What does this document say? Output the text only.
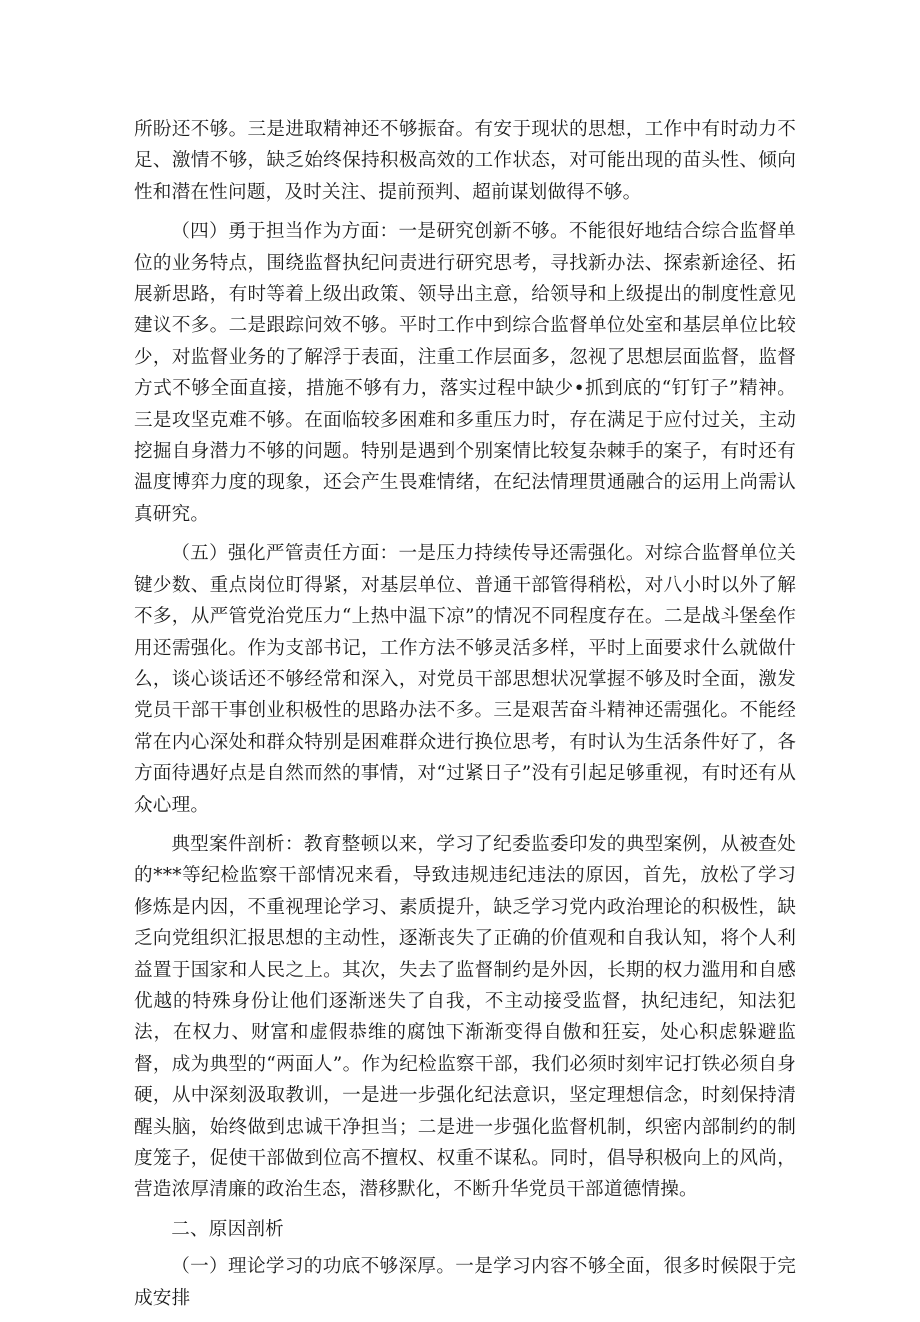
所盼还不够。三是进取精神还不够振奋。有安于现状的思想，工作中有时动力不足、激情不够，缺乏始终保持积极高效的工作状态，对可能出现的苗头性、倾向性和潜在性问题，及时关注、提前预判、超前谋划做得不够。

（四）勇于担当作为方面：一是研究创新不够。不能很好地结合综合监督单位的业务特点，围绕监督执纪问责进行研究思考，寻找新办法、探索新途径、拓展新思路，有时等着上级出政策、领导出主意，给领导和上级提出的制度性意见建议不多。二是跟踪问效不够。平时工作中到综合监督单位处室和基层单位比较少，对监督业务的了解浮于表面，注重工作层面多，忽视了思想层面监督，监督方式不够全面直接，措施不够有力，落实过程中缺少•抓到底的“钉钉子”精神。三是攻坚克难不够。在面临较多困难和多重压力时，存在满足于应付过关，主动挖掘自身潜力不够的问题。特别是遇到个别案情比较复杂棘手的案子，有时还有温度博弈力度的现象，还会产生畏难情绪，在纪法情理贯通融合的运用上尚需认真研究。

（五）强化严管责任方面：一是压力持续传导还需强化。对综合监督单位关键少数、重点岗位盯得紧，对基层单位、普通干部管得稍松，对八小时以外了解不多，从严管党治党压力“上热中温下凉”的情况不同程度存在。二是战斗堡垒作用还需强化。作为支部书记，工作方法不够灵活多样，平时上面要求什么就做什么，谈心谈话还不够经常和深入，对党员干部思想状况掌握不够及时全面，激发党员干部干事创业积极性的思路办法不多。三是艰苦奋斗精神还需强化。不能经常在内心深处和群众特别是困难群众进行换位思考，有时认为生活条件好了，各方面待遇好点是自然而然的事情，对“过紧日子”没有引起足够重视，有时还有从众心理。

典型案件剖析：教育整顿以来，学习了纪委监委印发的典型案例，从被查处的***等纪检监察干部情况来看，导致违规违纪违法的原因，首先，放松了学习修炼是内因，不重视理论学习、素质提升，缺乏学习党内政治理论的积极性，缺乏向党组织汇报思想的主动性，逐渐丧失了正确的价值观和自我认知，将个人利益置于国家和人民之上。其次，失去了监督制约是外因，长期的权力滥用和自感优越的特殊身份让他们逐渐迷失了自我，不主动接受监督，执纪违纪，知法犯法，在权力、财富和虚假恭维的腐蚀下渐渐变得自傲和狂妄，处心积虑躲避监督，成为典型的“两面人”。作为纪检监察干部，我们必须时刻牢记打铁必须自身硬，从中深刻汲取教训，一是进一步强化纪法意识，坚定理想信念，时刻保持清醒头脑，始终做到忠诚干净担当；二是进一步强化监督机制，织密内部制约的制度笼子，促使干部做到位高不擅权、权重不谋私。同时，倡导积极向上的风尚，营造浓厚清廉的政治生态，潜移默化，不断升华党员干部道德情操。

二、原因剖析

（一）理论学习的功底不够深厚。一是学习内容不够全面，很多时候限于完成安排
